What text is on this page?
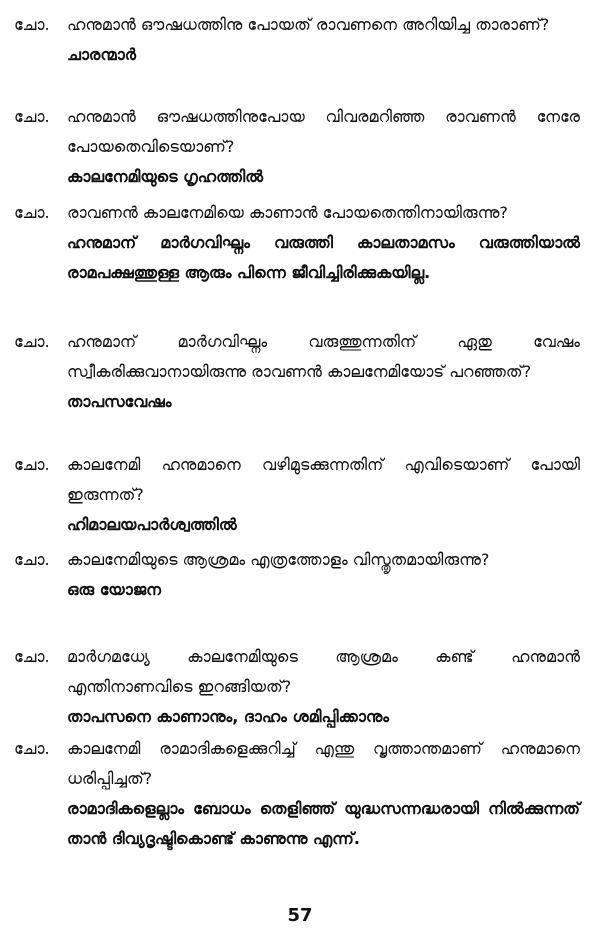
ചോ. ഹനുമാൻ ഔഷധത്തിനു പോയത് രാവണനെ അറിയിച്ച താരാണ്?
ചാരന്മാർ
ചോ. ഹനുമാൻ ഔഷധത്തിനുപോയ വിവരമറിഞ്ഞ രാവണൻ നേരേ പോയതെവിടെയാണ്?
കാലനേമിയുടെ ഗൃഹത്തിൽ
ചോ. രാവണൻ കാലനേമിയെ കാണാൻ പോയതെന്തിനായിരുന്നു?
ഹനുമാന് മാർഗവിഘ്നം വരുത്തി കാലതാമസം വരുത്തിയാൽ രാമപക്ഷത്തുള്ള ആരും പിന്നെ ജീവിച്ചിരിക്കുകയില്ല.
ചോ. ഹനുമാന് മാർഗവിഘ്നം വരുത്തുന്നതിന് ഏതു വേഷം സ്വീകരിക്കുവാനായിരുന്നു രാവണൻ കാലനേമിയോട് പറഞ്ഞത്?
താപസവേഷം
ചോ. കാലനേമി ഹനുമാനെ വഴിമുടക്കുന്നതിന് എവിടെയാണ് പോയി ഇരുന്നത്?
ഹിമാലയപാർശ്വത്തിൽ
ചോ. കാലനേമിയുടെ ആശ്രമം എത്രത്തോളം വിസ്തൃതമായിരുന്നു?
ഒരു യോജന
ചോ. മാർഗമധ്യേ കാലനേമിയുടെ ആശ്രമം കണ്ട് ഹനുമാൻ എന്തിനാണവിടെ ഇറങ്ങിയത്?
താപസനെ കാണാനും, ദാഹം ശമിപ്പിക്കാനും
ചോ. കാലനേമി രാമാദികളെക്കുറിച്ച് എന്തു വൃത്താന്തമാണ് ഹനുമാനെ ധരിപ്പിച്ചത്?
രാമാദികളെല്ലാം ബോധം തെളിഞ്ഞ് യുദ്ധസന്നദ്ധരായി നിൽക്കുന്നത് താൻ ദിവ്യദൃഷ്ടികൊണ്ട് കാണുന്നു എന്ന്.
57
